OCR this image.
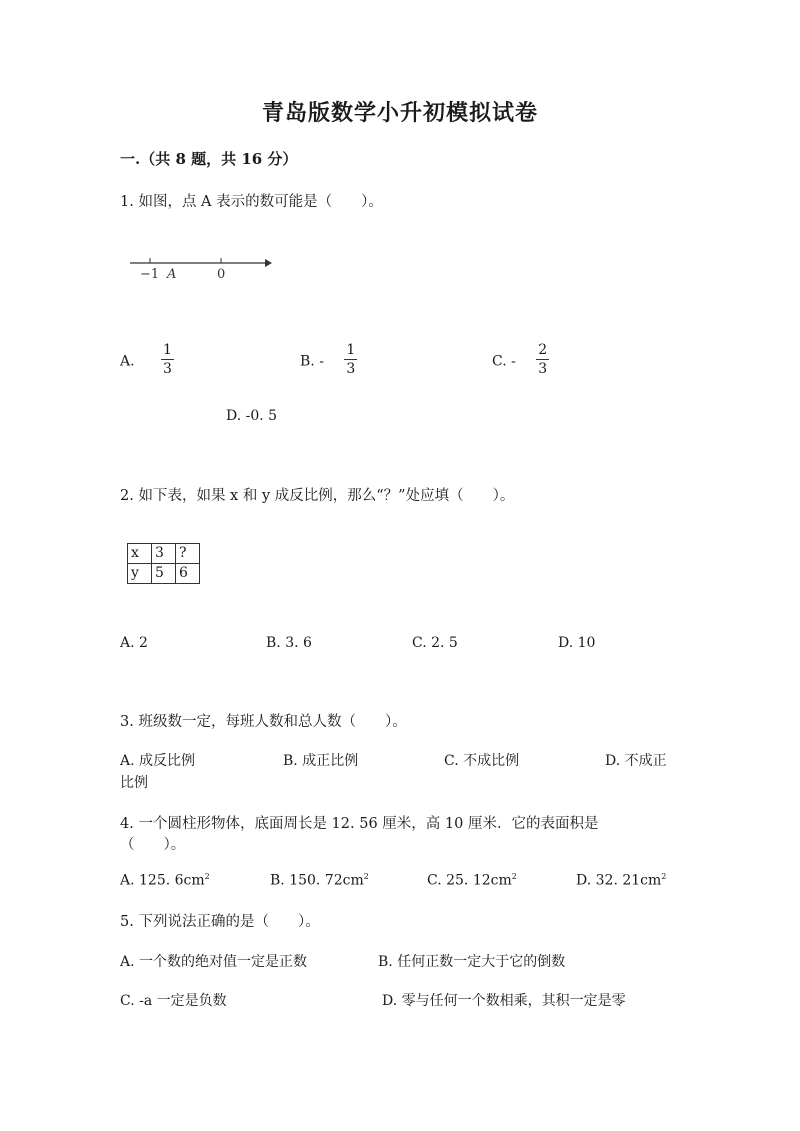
青岛版数学小升初模拟试卷
一.（共 8 题，共 16 分）
1. 如图，点 A 表示的数可能是（　　）。
−1 A	0
A. $\frac{1}{3}$	B. - $\frac{1}{3}$	C. - $\frac{2}{3}$
D. -0. 5
2. 如下表，如果 x 和 y 成反比例，那么“？”处应填（　　）。
x	3	?
y	5	6
A. 2	B. 3. 6	C. 2. 5	D. 10
3. 班级数一定，每班人数和总人数（　　）。
A. 成反比例	B. 成正比例	C. 不成比例	D. 不成正
比例
4. 一个圆柱形物体，底面周长是 12. 56 厘米，高 10 厘米．它的表面积是
（　　）。
A. 125. $6cm^2$	B. 150. $72cm^2$	C. 25. $12cm^2$	D. 32. $21cm^2$
5. 下列说法正确的是（　　）。
A. 一个数的绝对值一定是正数	B. 任何正数一定大于它的倒数
C. -a 一定是负数	D. 零与任何一个数相乘，其积一定是零
